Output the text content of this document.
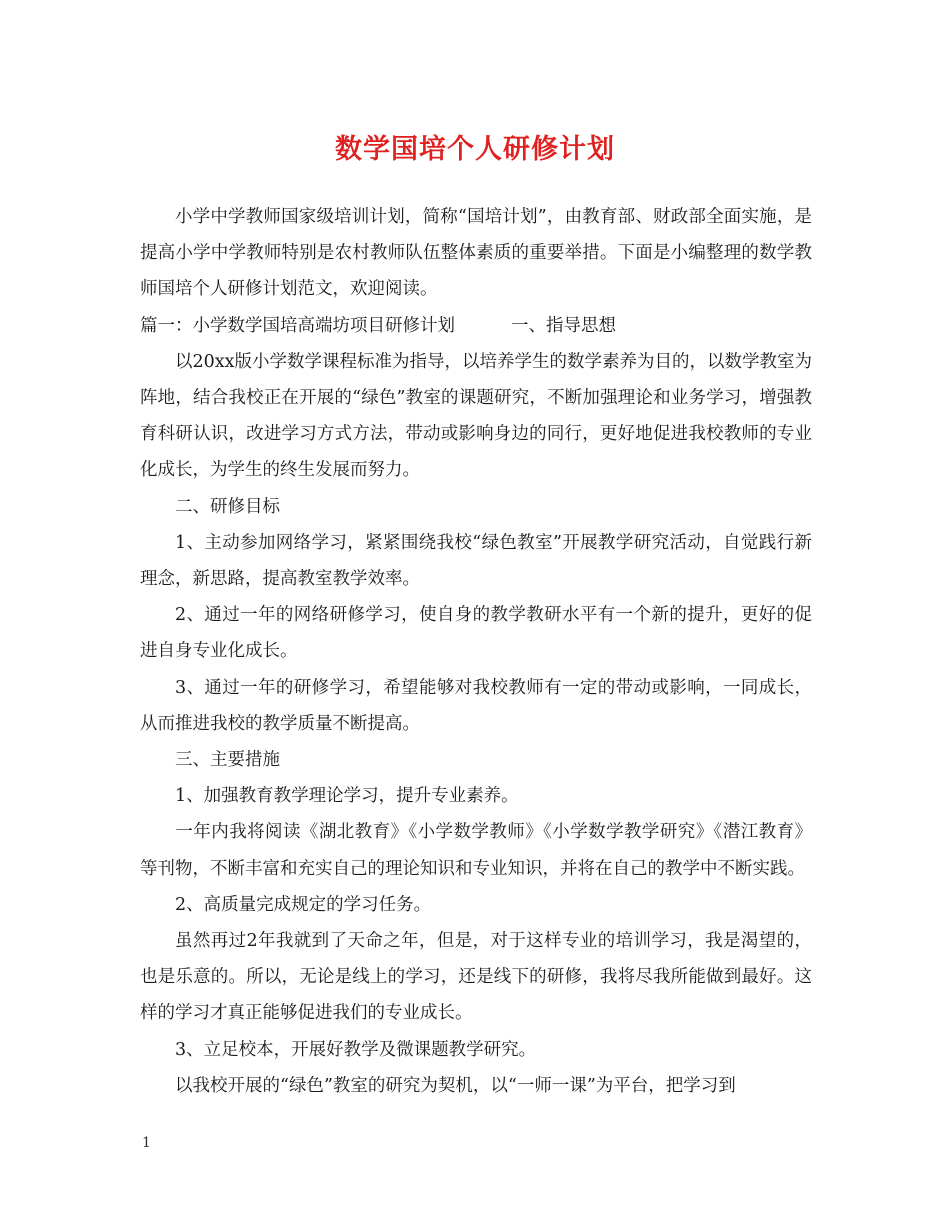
数学国培个人研修计划

小学中学教师国家级培训计划，简称“国培计划”，由教育部、财政部全面实施，是提高小学中学教师特别是农村教师队伍整体素质的重要举措。下面是小编整理的数学教师国培个人研修计划范文，欢迎阅读。

篇一：小学数学国培高端坊项目研修计划	一、指导思想

以20xx版小学数学课程标准为指导，以培养学生的数学素养为目的，以数学教室为阵地，结合我校正在开展的“绿色”教室的课题研究，不断加强理论和业务学习，增强教育科研认识，改进学习方式方法，带动或影响身边的同行，更好地促进我校教师的专业化成长，为学生的终生发展而努力。

二、研修目标

1、主动参加网络学习，紧紧围绕我校“绿色教室”开展教学研究活动，自觉践行新理念，新思路，提高教室教学效率。

2、通过一年的网络研修学习，使自身的教学教研水平有一个新的提升，更好的促进自身专业化成长。

3、通过一年的研修学习，希望能够对我校教师有一定的带动或影响，一同成长，从而推进我校的教学质量不断提高。

三、主要措施

1、加强教育教学理论学习，提升专业素养。

一年内我将阅读《湖北教育》《小学数学教师》《小学数学教学研究》《潜江教育》等刊物，不断丰富和充实自己的理论知识和专业知识，并将在自己的教学中不断实践。

2、高质量完成规定的学习任务。

虽然再过2年我就到了天命之年，但是，对于这样专业的培训学习，我是渴望的，也是乐意的。所以，无论是线上的学习，还是线下的研修，我将尽我所能做到最好。这样的学习才真正能够促进我们的专业成长。

3、立足校本，开展好教学及微课题教学研究。

以我校开展的“绿色”教室的研究为契机，以“一师一课”为平台，把学习到

1
